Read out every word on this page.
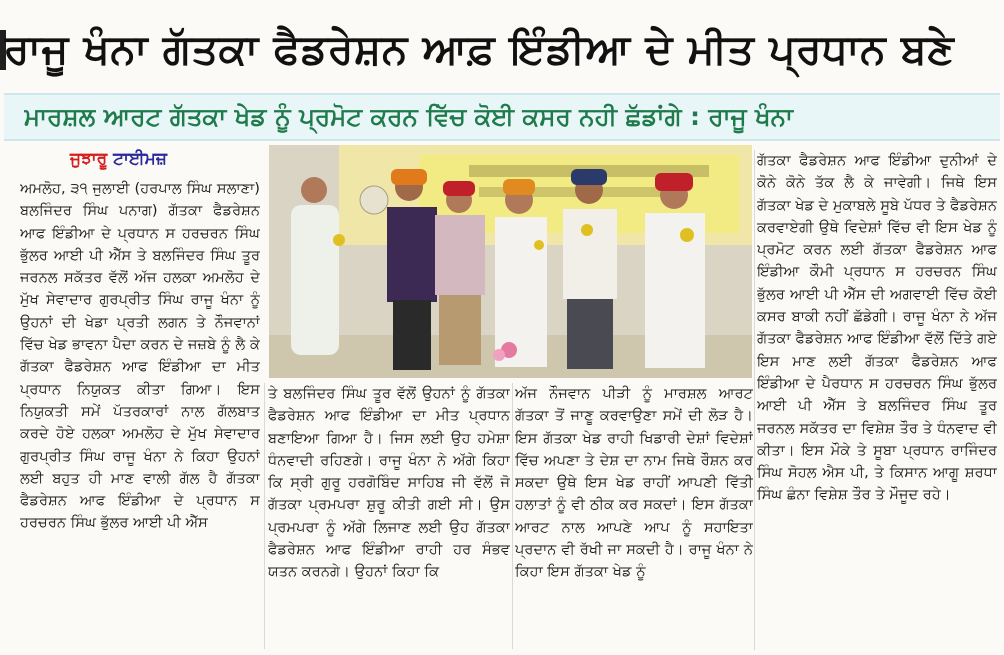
ਰਾਜੂ ਖੰਨਾ ਗੱਤਕਾ ਫੈਡਰੇਸ਼ਨ ਆਫ਼ ਇੰਡੀਆ ਦੇ ਮੀਤ ਪ੍ਰਧਾਨ ਬਣੇ
ਮਾਰਸ਼ਲ ਆਰਟ ਗੱਤਕਾ ਖੇਡ ਨੂੰ ਪ੍ਰਮੋਟ ਕਰਨ ਵਿੱਚ ਕੋਈ ਕਸਰ ਨਹੀ ਛੱਡਾਂਗੇ : ਰਾਜੂ ਖੰਨਾ
ਜੁਝਾਰੂ ਟਾਈਮਜ਼

ਅਮਲੋਹ, ੩੧ ਜੁਲਾਈ (ਹਰਪਾਲ ਸਿੰਘ ਸਲਾਣਾ) ਬਲਜਿੰਦਰ ਸਿੰਘ ਪਨਾਗ) ਗੱਤਕਾ ਫੈਡਰੇਸ਼ਨ ਆਫ ਇੰਡੀਆ ਦੇ ਪ੍ਰਧਾਨ ਸ ਹਰਚਰਨ ਸਿੰਘ ਭੁੱਲਰ ਆਈ ਪੀ ਐੱਸ ਤੇ ਬਲਜਿੰਦਰ ਸਿੰਘ ਤੂਰ ਜਰਨਲ ਸਕੱਤਰ ਵੱਲੋਂ ਅੱਜ ਹਲਕਾ ਅਮਲੋਹ ਦੇ ਮੁੱਖ ਸੇਵਾਦਾਰ ਗੁਰਪ੍ਰੀਤ ਸਿੰਘ ਰਾਜੂ ਖੰਨਾ ਨੂੰ ਉਹਨਾਂ ਦੀ ਖੇਡਾ ਪ੍ਰਤੀ ਲਗਨ ਤੇ ਨੌਜਵਾਨਾਂ ਵਿੱਚ ਖੇਡ ਭਾਵਨਾ ਪੈਦਾ ਕਰਨ ਦੇ ਜਜ਼ਬੇ ਨੂੰ ਲੈ ਕੇ ਗੱਤਕਾ ਫੈਡਰੇਸ਼ਨ ਆਫ ਇੰਡੀਆ ਦਾ ਮੀਤ ਪ੍ਰਧਾਨ ਨਿਯੁਕਤ ਕੀਤਾ ਗਿਆ। ਇਸ ਨਿਯੁਕਤੀ ਸਮੇਂ ਪੱਤਰਕਾਰਾਂ ਨਾਲ ਗੱਲਬਾਤ ਕਰਦੇ ਹੋਏ ਹਲਕਾ ਅਮਲੋਹ ਦੇ ਮੁੱਖ ਸੇਵਾਦਾਰ ਗੁਰਪ੍ਰੀਤ ਸਿੰਘ ਰਾਜੂ ਖੰਨਾ ਨੇ ਕਿਹਾ ਉਹਨਾਂ ਲਈ ਬਹੁਤ ਹੀ ਮਾਣ ਵਾਲੀ ਗੱਲ ਹੈ ਗੱਤਕਾ ਫੈਡਰੇਸ਼ਨ ਆਫ ਇੰਡੀਆ ਦੇ ਪ੍ਰਧਾਨ ਸ ਹਰਚਰਨ ਸਿੰਘ ਭੁੱਲਰ ਆਈ ਪੀ ਐੱਸ

ਤੇ ਬਲਜਿੰਦਰ ਸਿੰਘ ਤੂਰ ਵੱਲੋਂ ਉਹਨਾਂ ਨੂੰ ਗੱਤਕਾ ਫੈਡਰੇਸ਼ਨ ਆਫ ਇੰਡੀਆ ਦਾ ਮੀਤ ਪ੍ਰਧਾਨ ਬਣਾਇਆ ਗਿਆ ਹੈ। ਜਿਸ ਲਈ ਉਹ ਹਮੇਸ਼ਾ ਧੰਨਵਾਦੀ ਰਹਿਣਗੇ। ਰਾਜੂ ਖੰਨਾ ਨੇ ਅੱਗੇ ਕਿਹਾ ਕਿ ਸ੍ਰੀ ਗੁਰੂ ਹਰਗੋਬਿੰਦ ਸਾਹਿਬ ਜੀ ਵੱਲੋਂ ਜੋ ਗੱਤਕਾ ਪ੍ਰਮਪਰਾ ਸ਼ੁਰੂ ਕੀਤੀ ਗਈ ਸੀ। ਉਸ ਪ੍ਰਮਪਰਾ ਨੂੰ ਅੱਗੇ ਲਿਜਾਣ ਲਈ ਉਹ ਗੱਤਕਾ ਫੈਡਰੇਸ਼ਨ ਆਫ ਇੰਡੀਆ ਰਾਹੀ ਹਰ ਸੰਭਵ ਯਤਨ ਕਰਨਗੇ। ਉਹਨਾਂ ਕਿਹਾ ਕਿ

ਅੱਜ ਨੌਜਵਾਨ ਪੀੜੀ ਨੂੰ ਮਾਰਸ਼ਲ ਆਰਟ ਗੱਤਕਾ ਤੋਂ ਜਾਣੂ ਕਰਵਾਉਣਾ ਸਮੇਂ ਦੀ ਲੋੜ ਹੈ। ਇਸ ਗੱਤਕਾ ਖੇਡ ਰਾਹੀ ਖਿਡਾਰੀ ਦੇਸ਼ਾਂ ਵਿਦੇਸ਼ਾਂ ਵਿੱਚ ਅਪਣਾ ਤੇ ਦੇਸ਼ ਦਾ ਨਾਮ ਜਿਥੇ ਰੌਸ਼ਨ ਕਰ ਸਕਦਾ ਉਥੇ ਇਸ ਖੇਡ ਰਾਹੀਂ ਆਪਣੀ ਵਿੱਤੀ ਹਲਾਤਾਂ ਨੂੰ ਵੀ ਠੀਕ ਕਰ ਸਕਦਾਂ। ਇਸ ਗੱਤਕਾ ਆਰਟ ਨਾਲ ਆਪਣੇ ਆਪ ਨੂੰ ਸਹਾਇਤਾ ਪ੍ਰਦਾਨ ਵੀ ਰੱਖੀ ਜਾ ਸਕਦੀ ਹੈ। ਰਾਜੂ ਖੰਨਾ ਨੇ ਕਿਹਾ ਇਸ ਗੱਤਕਾ ਖੇਡ ਨੂੰ

ਗੱਤਕਾ ਫੈਡਰੇਸ਼ਨ ਆਫ ਇੰਡੀਆ ਦੁਨੀਆਂ ਦੇ ਕੋਨੇ ਕੋਨੇ ਤੱਕ ਲੈ ਕੇ ਜਾਵੇਗੀ। ਜਿਥੇ ਇਸ ਗੱਤਕਾ ਖੇਡ ਦੇ ਮੁਕਾਬਲੇ ਸੂਬੇ ਪੱਧਰ ਤੇ ਫੈਡਰੇਸ਼ਨ ਕਰਵਾਏਗੀ ਉਥੇ ਵਿਦੇਸ਼ਾਂ ਵਿੱਚ ਵੀ ਇਸ ਖੇਡ ਨੂੰ ਪ੍ਰਮੋਟ ਕਰਨ ਲਈ ਗੱਤਕਾ ਫੈਡਰੇਸ਼ਨ ਆਫ ਇੰਡੀਆ ਕੌਮੀ ਪ੍ਰਧਾਨ ਸ ਹਰਚਰਨ ਸਿੰਘ ਭੁੱਲਰ ਆਈ ਪੀ ਐੱਸ ਦੀ ਅਗਵਾਈ ਵਿੱਚ ਕੋਈ ਕਸਰ ਬਾਕੀ ਨਹੀਂ ਛੱਡੇਗੀ। ਰਾਜੂ ਖੰਨਾ ਨੇ ਅੱਜ ਗੱਤਕਾ ਫੈਡਰੇਸ਼ਨ ਆਫ ਇੰਡੀਆ ਵੱਲੋਂ ਦਿੱਤੇ ਗਏ ਇਸ ਮਾਣ ਲਈ ਗੱਤਕਾ ਫੈਡਰੇਸ਼ਨ ਆਫ ਇੰਡੀਆ ਦੇ ਪੈਰਧਾਨ ਸ ਹਰਚਰਨ ਸਿੰਘ ਭੁੱਲਰ ਆਈ ਪੀ ਐੱਸ ਤੇ ਬਲਜਿੰਦਰ ਸਿੰਘ ਤੂਰ ਜਰਨਲ ਸਕੱਤਰ ਦਾ ਵਿਸ਼ੇਸ਼ ਤੌਰ ਤੇ ਧੰਨਵਾਦ ਵੀ ਕੀਤਾ। ਇਸ ਮੌਕੇ ਤੇ ਸੂਬਾ ਪ੍ਰਧਾਨ ਰਾਜਿੰਦਰ ਸਿੰਘ ਸੋਹਲ ਐਸ ਪੀ, ਤੇ ਕਿਸਾਨ ਆਗੂ ਸ਼ਰਧਾ ਸਿੰਘ ਛੰਨਾ ਵਿਸ਼ੇਸ਼ ਤੌਰ ਤੇ ਮੌਜੂਦ ਰਹੇ।
